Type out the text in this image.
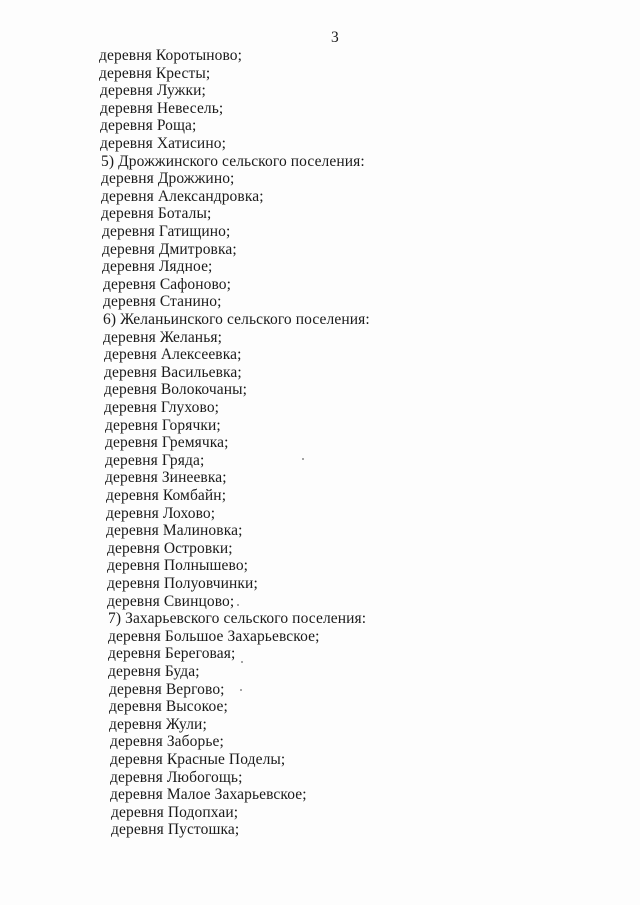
3
деревня Коротыново;
деревня Кресты;
деревня Лужки;
деревня Невесель;
деревня Роща;
деревня Хатисино;
5) Дрожжинского сельского поселения:
деревня Дрожжино;
деревня Александровка;
деревня Боталы;
деревня Гатищино;
деревня Дмитровка;
деревня Лядное;
деревня Сафоново;
деревня Станино;
6) Желаньинского сельского поселения:
деревня Желанья;
деревня Алексеевка;
деревня Васильевка;
деревня Волокочаны;
деревня Глухово;
деревня Горячки;
деревня Гремячка;
деревня Гряда;
деревня Зинеевка;
деревня Комбайн;
деревня Лохово;
деревня Малиновка;
деревня Островки;
деревня Полнышево;
деревня Полуовчинки;
деревня Свинцово;
7) Захарьевского сельского поселения:
деревня Большое Захарьевское;
деревня Береговая;
деревня Буда;
деревня Вергово;
деревня Высокое;
деревня Жули;
деревня Заборье;
деревня Красные Поделы;
деревня Любогощь;
деревня Малое Захарьевское;
деревня Подопхаи;
деревня Пустошка;
